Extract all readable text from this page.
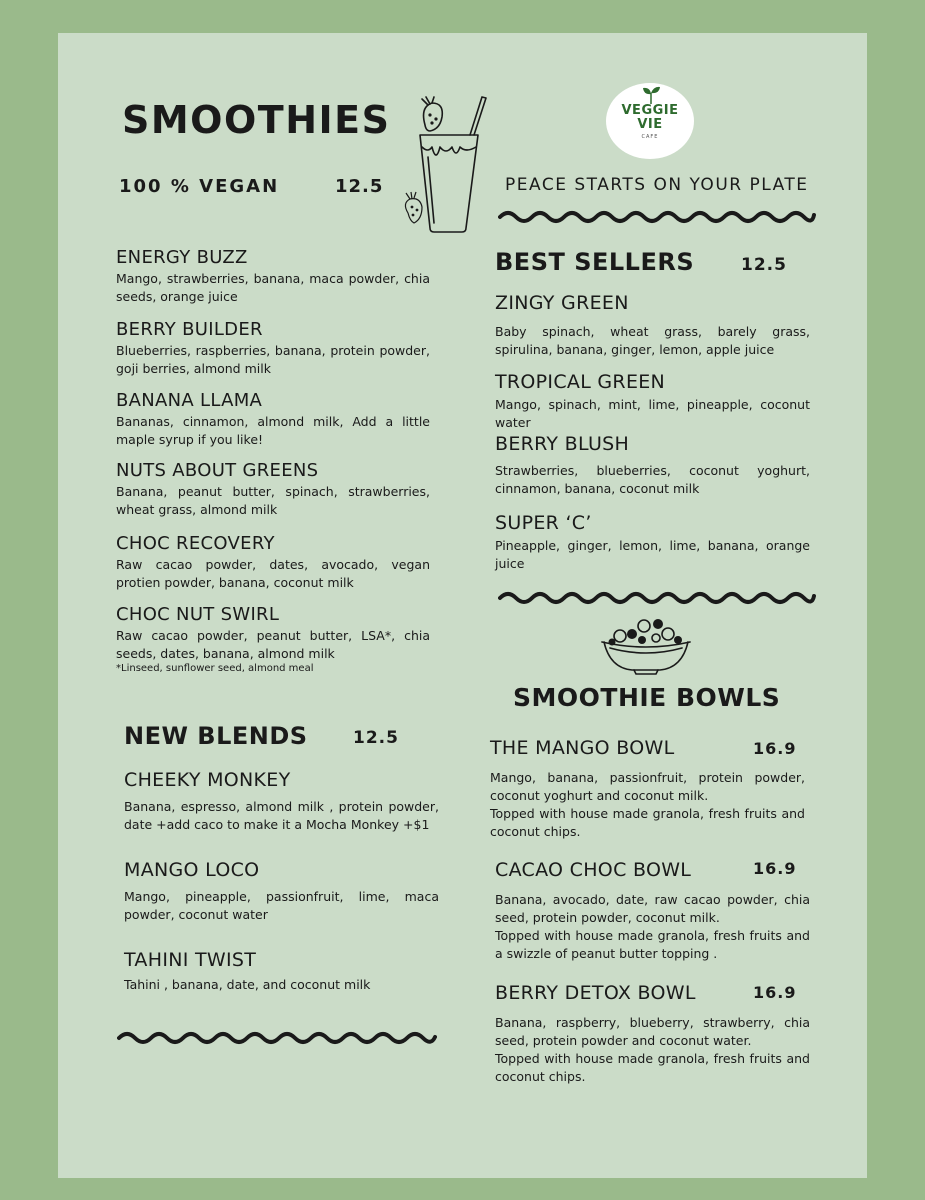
SMOOTHIES
100 % VEGAN	12.5
VEGGIE
VIE
CAFE
PEACE STARTS ON YOUR PLATE
ENERGY BUZZ
Mango, strawberries, banana, maca powder, chia seeds, orange juice
BERRY BUILDER
Blueberries, raspberries, banana, protein powder, goji berries, almond milk
BANANA LLAMA
Bananas, cinnamon, almond milk, Add a little maple syrup if you like!
NUTS ABOUT GREENS
Banana, peanut butter, spinach, strawberries, wheat grass, almond milk
CHOC RECOVERY
Raw cacao powder, dates, avocado, vegan protien powder, banana, coconut milk
CHOC NUT SWIRL
Raw cacao powder, peanut butter, LSA*, chia seeds, dates, banana, almond milk
*Linseed, sunflower seed, almond meal
NEW BLENDS	12.5
CHEEKY MONKEY
Banana, espresso, almond milk , protein powder, date +add caco to make it a Mocha Monkey +$1
MANGO LOCO
Mango, pineapple, passionfruit, lime, maca powder, coconut water
TAHINI TWIST
Tahini , banana, date, and coconut milk
BEST SELLERS	12.5
ZINGY GREEN
Baby spinach, wheat grass, barely grass, spirulina, banana, ginger, lemon, apple juice
TROPICAL GREEN
Mango, spinach, mint, lime, pineapple, coconut water
BERRY BLUSH
Strawberries, blueberries, coconut yoghurt, cinnamon, banana, coconut milk
SUPER ‘C’
Pineapple, ginger, lemon, lime, banana, orange juice
SMOOTHIE BOWLS
THE MANGO BOWL
Mango, banana, passionfruit, protein powder, coconut yoghurt and coconut milk.
Topped with house made granola, fresh fruits and coconut chips.
16.9
CACAO CHOC BOWL
Banana, avocado, date, raw cacao powder, chia seed, protein powder, coconut milk.
Topped with house made granola, fresh fruits and a swizzle of peanut butter topping .
16.9
BERRY DETOX BOWL
Banana, raspberry, blueberry, strawberry, chia seed, protein powder and coconut water.
Topped with house made granola, fresh fruits and coconut chips.
16.9
